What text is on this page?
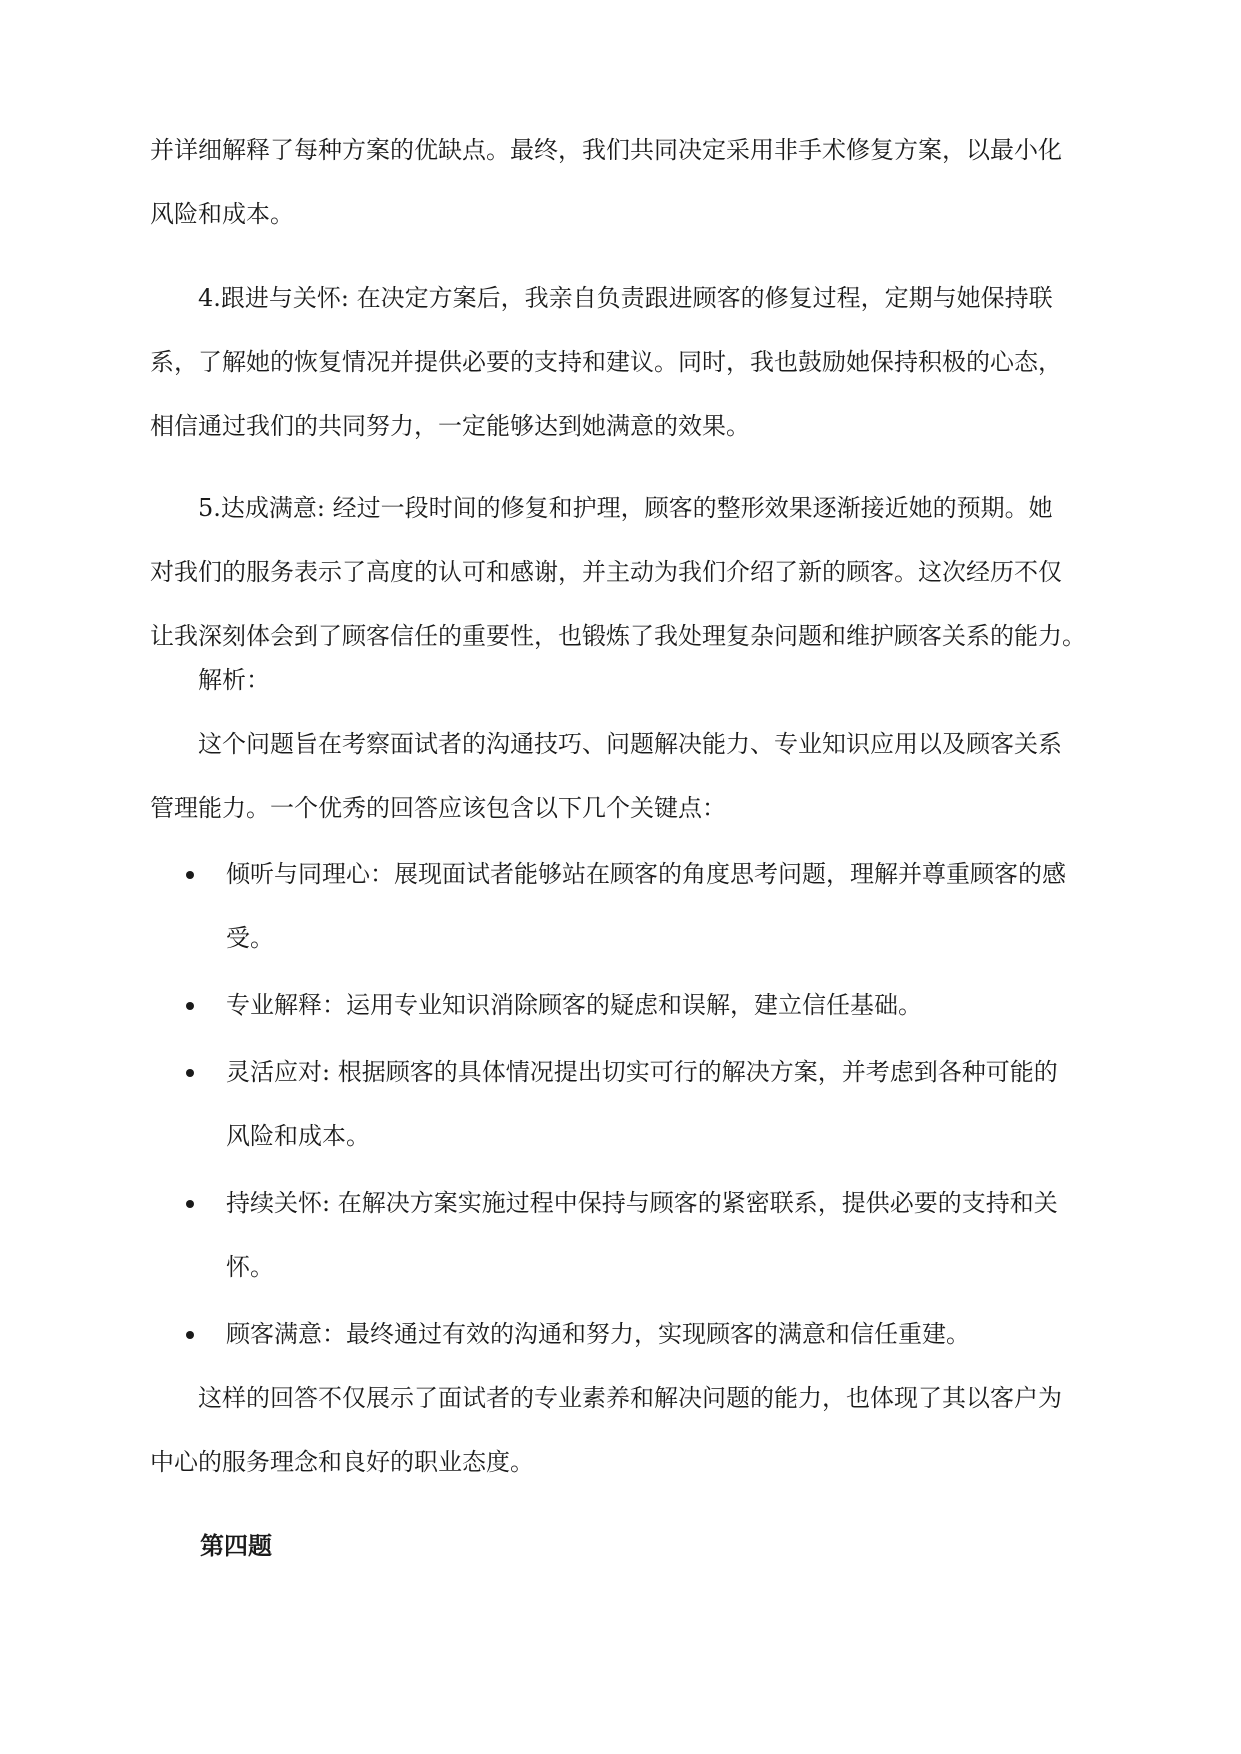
并详细解释了每种方案的优缺点。最终，我们共同决定采用非手术修复方案，以最小化
风险和成本。

4.跟进与关怀: 在决定方案后，我亲自负责跟进顾客的修复过程，定期与她保持联
系，了解她的恢复情况并提供必要的支持和建议。同时，我也鼓励她保持积极的心态，
相信通过我们的共同努力，一定能够达到她满意的效果。

5.达成满意: 经过一段时间的修复和护理，顾客的整形效果逐渐接近她的预期。她
对我们的服务表示了高度的认可和感谢，并主动为我们介绍了新的顾客。这次经历不仅
让我深刻体会到了顾客信任的重要性，也锻炼了我处理复杂问题和维护顾客关系的能力。

解析：

这个问题旨在考察面试者的沟通技巧、问题解决能力、专业知识应用以及顾客关系
管理能力。一个优秀的回答应该包含以下几个关键点：

倾听与同理心：展现面试者能够站在顾客的角度思考问题，理解并尊重顾客的感
受。
专业解释：运用专业知识消除顾客的疑虑和误解，建立信任基础。
灵活应对: 根据顾客的具体情况提出切实可行的解决方案，并考虑到各种可能的
风险和成本。
持续关怀: 在解决方案实施过程中保持与顾客的紧密联系，提供必要的支持和关
怀。
顾客满意：最终通过有效的沟通和努力，实现顾客的满意和信任重建。

这样的回答不仅展示了面试者的专业素养和解决问题的能力，也体现了其以客户为
中心的服务理念和良好的职业态度。

第四题
